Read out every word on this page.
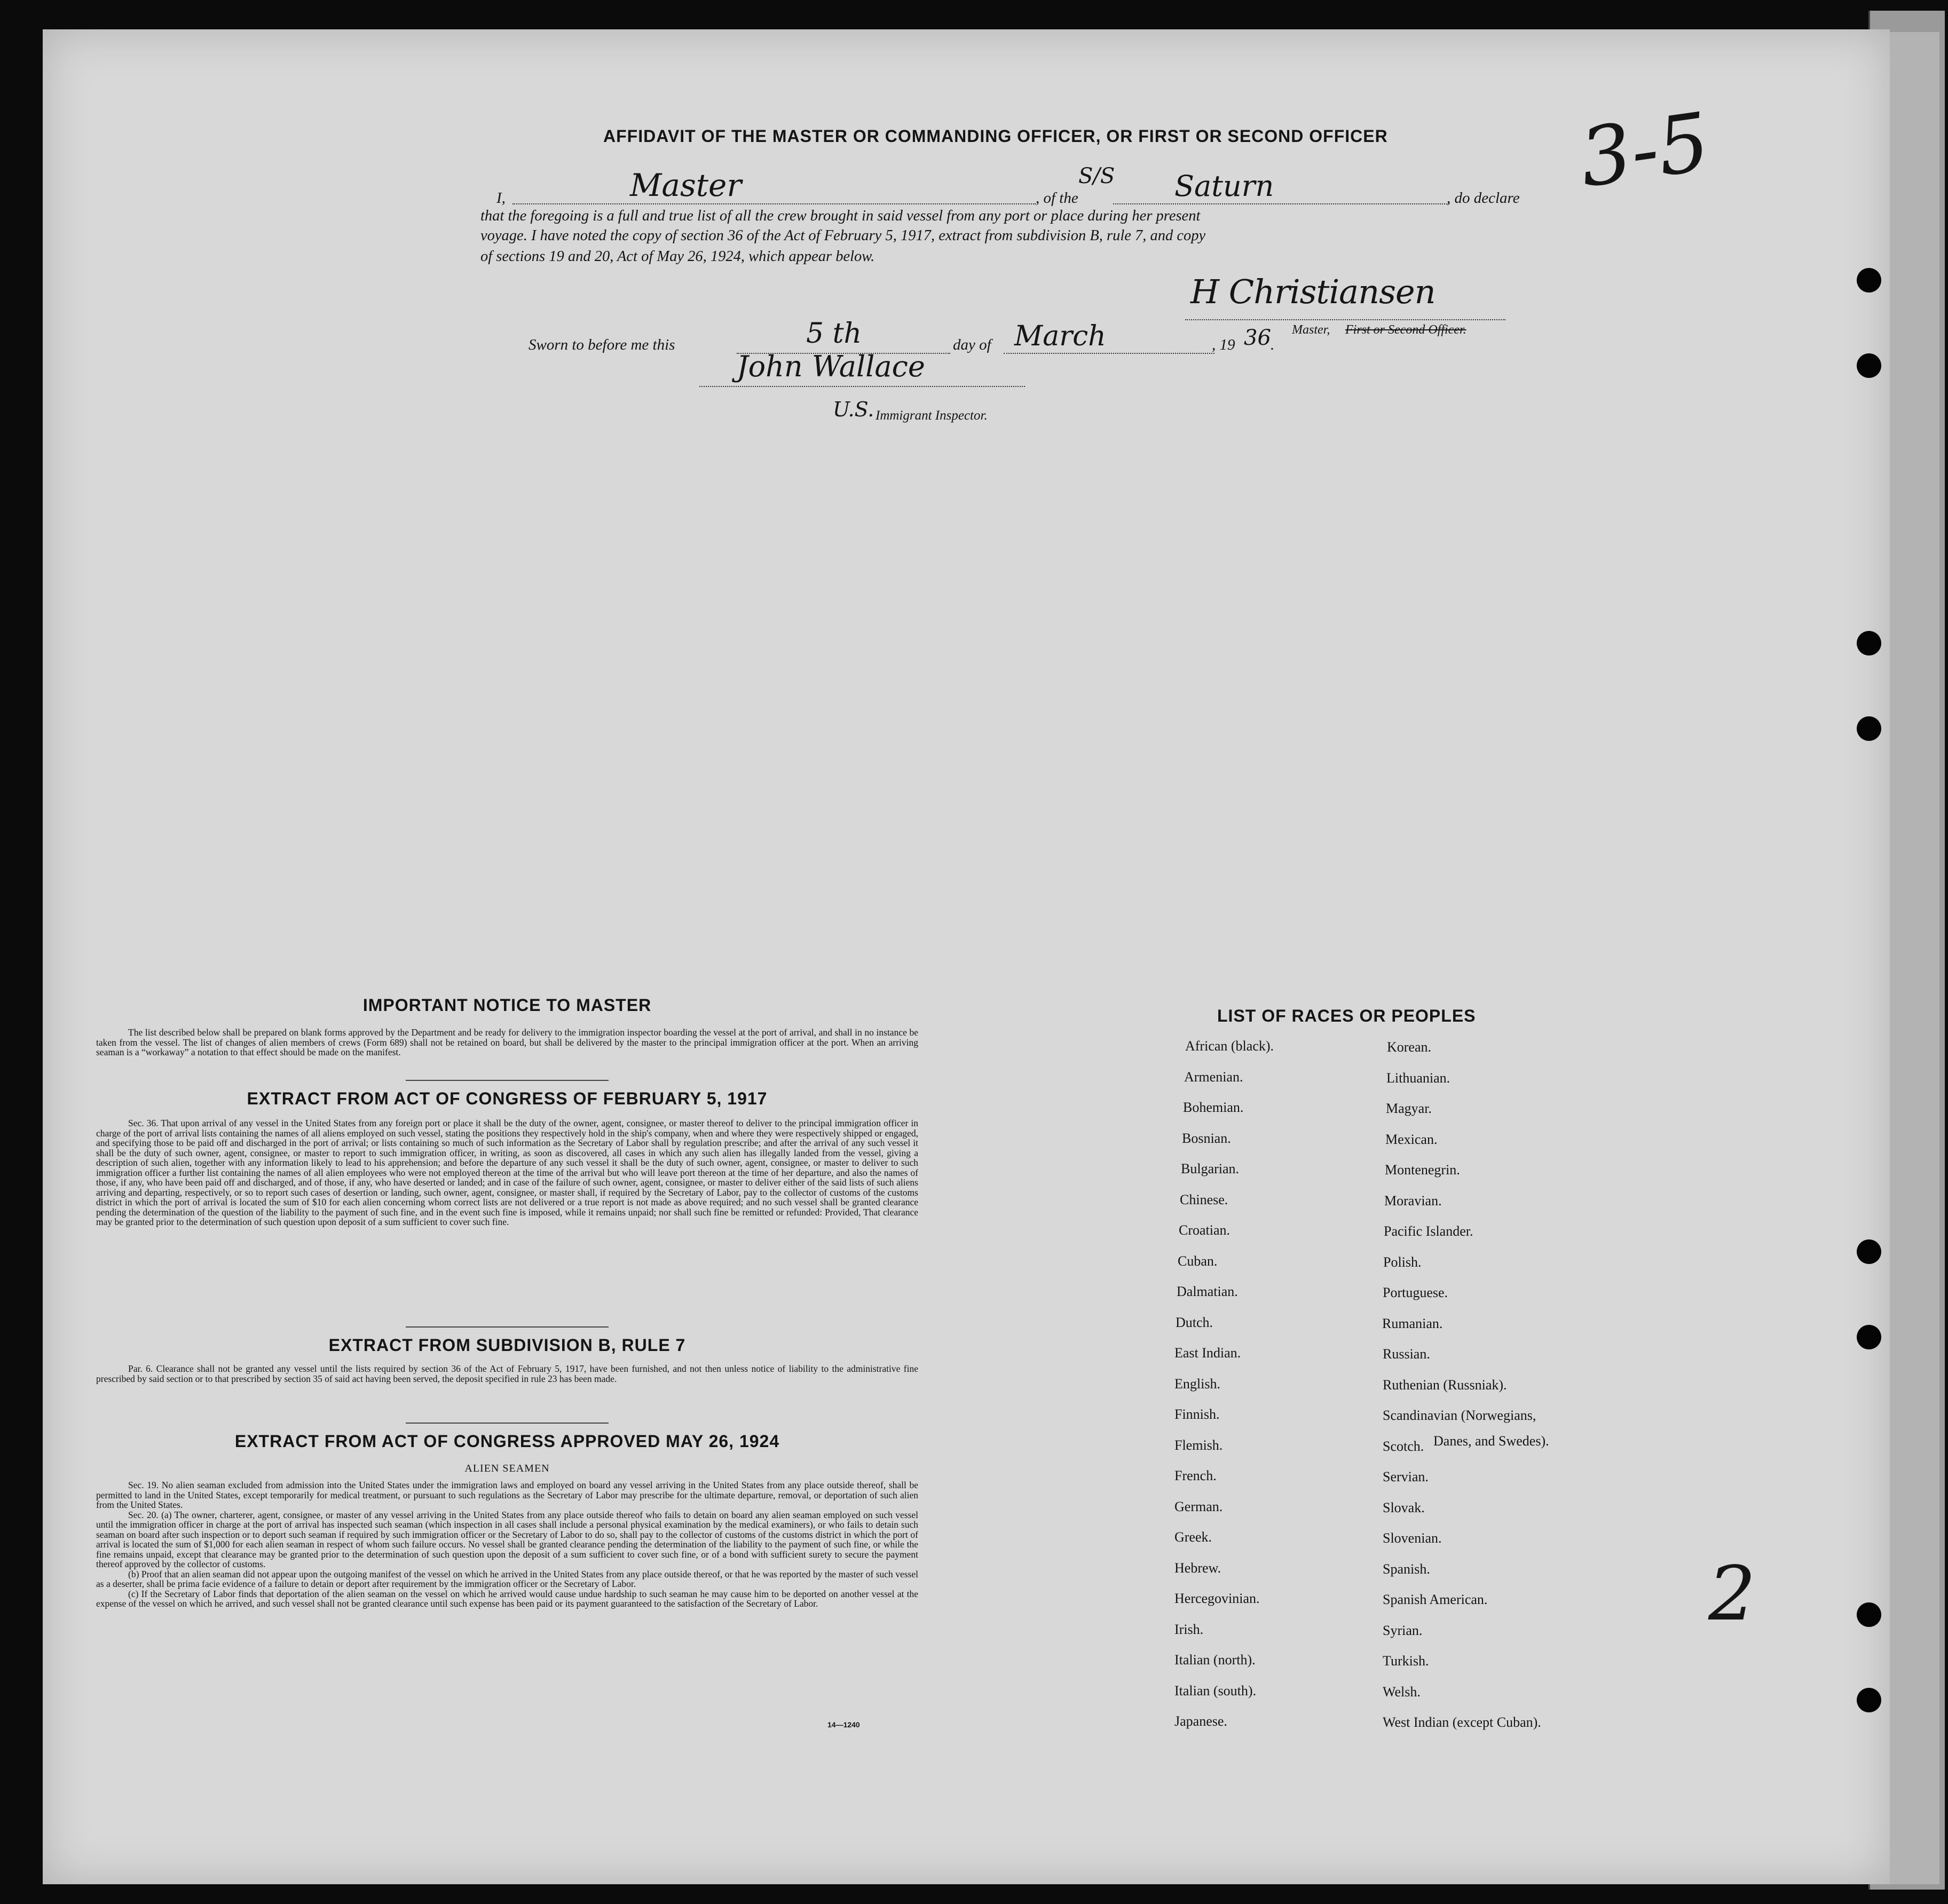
AFFIDAVIT OF THE MASTER OR COMMANDING OFFICER, OR FIRST OR SECOND OFFICER
I,	Master	, of the
S/S Saturn	, do declare
that the foregoing is a full and true list of all the crew brought in said vessel from any port or place during her present
voyage. I have noted the copy of section 36 of the Act of February 5, 1917, extract from subdivision B, rule 7, and copy
of sections 19 and 20, Act of May 26, 1924, which appear below.
H Christiansen
Master, First or Second Officer.
Sworn to before me this	5 th	day of March	, 19 36 .
John Wallace
U.S. Immigrant Inspector.
3-5
IMPORTANT NOTICE TO MASTER
The list described below shall be prepared on blank forms approved by the Department and be ready for delivery to the immigration inspector boarding the vessel at the port of arrival, and shall in no instance be taken from the vessel. The list of changes of alien members of crews (Form 689) shall not be retained on board, but shall be delivered by the master to the principal immigration officer at the port. When an arriving seaman is a “workaway” a notation to that effect should be made on the manifest.
EXTRACT FROM ACT OF CONGRESS OF FEBRUARY 5, 1917
Sec. 36. That upon arrival of any vessel in the United States from any foreign port or place it shall be the duty of the owner, agent, consignee, or master thereof to deliver to the principal immigration officer in charge of the port of arrival lists containing the names of all aliens employed on such vessel, stating the positions they respectively hold in the ship's company, when and where they were respectively shipped or engaged, and specifying those to be paid off and discharged in the port of arrival; or lists containing so much of such information as the Secretary of Labor shall by regulation prescribe; and after the arrival of any such vessel it shall be the duty of such owner, agent, consignee, or master to report to such immigration officer, in writing, as soon as discovered, all cases in which any such alien has illegally landed from the vessel, giving a description of such alien, together with any information likely to lead to his apprehension; and before the departure of any such vessel it shall be the duty of such owner, agent, consignee, or master to deliver to such immigration officer a further list containing the names of all alien employees who were not employed thereon at the time of the arrival but who will leave port thereon at the time of her departure, and also the names of those, if any, who have been paid off and discharged, and of those, if any, who have deserted or landed; and in case of the failure of such owner, agent, consignee, or master to deliver either of the said lists of such aliens arriving and departing, respectively, or so to report such cases of desertion or landing, such owner, agent, consignee, or master shall, if required by the Secretary of Labor, pay to the collector of customs of the customs district in which the port of arrival is located the sum of $10 for each alien concerning whom correct lists are not delivered or a true report is not made as above required; and no such vessel shall be granted clearance pending the determination of the question of the liability to the payment of such fine, and in the event such fine is imposed, while it remains unpaid; nor shall such fine be remitted or refunded: Provided, That clearance may be granted prior to the determination of such question upon deposit of a sum sufficient to cover such fine.
EXTRACT FROM SUBDIVISION B, RULE 7
Par. 6. Clearance shall not be granted any vessel until the lists required by section 36 of the Act of February 5, 1917, have been furnished, and not then unless notice of liability to the administrative fine prescribed by said section or to that prescribed by section 35 of said act having been served, the deposit specified in rule 23 has been made.
EXTRACT FROM ACT OF CONGRESS APPROVED MAY 26, 1924
ALIEN SEAMEN
Sec. 19. No alien seaman excluded from admission into the United States under the immigration laws and employed on board any vessel arriving in the United States from any place outside thereof, shall be permitted to land in the United States, except temporarily for medical treatment, or pursuant to such regulations as the Secretary of Labor may prescribe for the ultimate departure, removal, or deportation of such alien from the United States.
Sec. 20. (a) The owner, charterer, agent, consignee, or master of any vessel arriving in the United States from any place outside thereof who fails to detain on board any alien seaman employed on such vessel until the immigration officer in charge at the port of arrival has inspected such seaman (which inspection in all cases shall include a personal physical examination by the medical examiners), or who fails to detain such seaman on board after such inspection or to deport such seaman if required by such immigration officer or the Secretary of Labor to do so, shall pay to the collector of customs of the customs district in which the port of arrival is located the sum of $1,000 for each alien seaman in respect of whom such failure occurs. No vessel shall be granted clearance pending the determination of the liability to the payment of such fine, or while the fine remains unpaid, except that clearance may be granted prior to the determination of such question upon the deposit of a sum sufficient to cover such fine, or of a bond with sufficient surety to secure the payment thereof approved by the collector of customs.
(b) Proof that an alien seaman did not appear upon the outgoing manifest of the vessel on which he arrived in the United States from any place outside thereof, or that he was reported by the master of such vessel as a deserter, shall be prima facie evidence of a failure to detain or deport after requirement by the immigration officer or the Secretary of Labor.
(c) If the Secretary of Labor finds that deportation of the alien seaman on the vessel on which he arrived would cause undue hardship to such seaman he may cause him to be deported on another vessel at the expense of the vessel on which he arrived, and such vessel shall not be granted clearance until such expense has been paid or its payment guaranteed to the satisfaction of the Secretary of Labor.
14—1240
LIST OF RACES OR PEOPLES
African (black).
Armenian.
Bohemian.
Bosnian.
Bulgarian.
Chinese.
Croatian.
Cuban.
Dalmatian.
Dutch.
East Indian.
English.
Finnish.
Flemish.
French.
German.
Greek.
Hebrew.
Hercegovinian.
Irish.
Italian (north).
Italian (south).
Japanese.
Korean.
Lithuanian.
Magyar.
Mexican.
Montenegrin.
Moravian.
Pacific Islander.
Polish.
Portuguese.
Rumanian.
Russian.
Ruthenian (Russniak).
Scandinavian (Norwegians,
Scotch.
Servian.
Slovak.
Slovenian.
Spanish.
Spanish American.
Syrian.
Turkish.
Welsh.
West Indian (except Cuban).
Danes, and Swedes).
2
